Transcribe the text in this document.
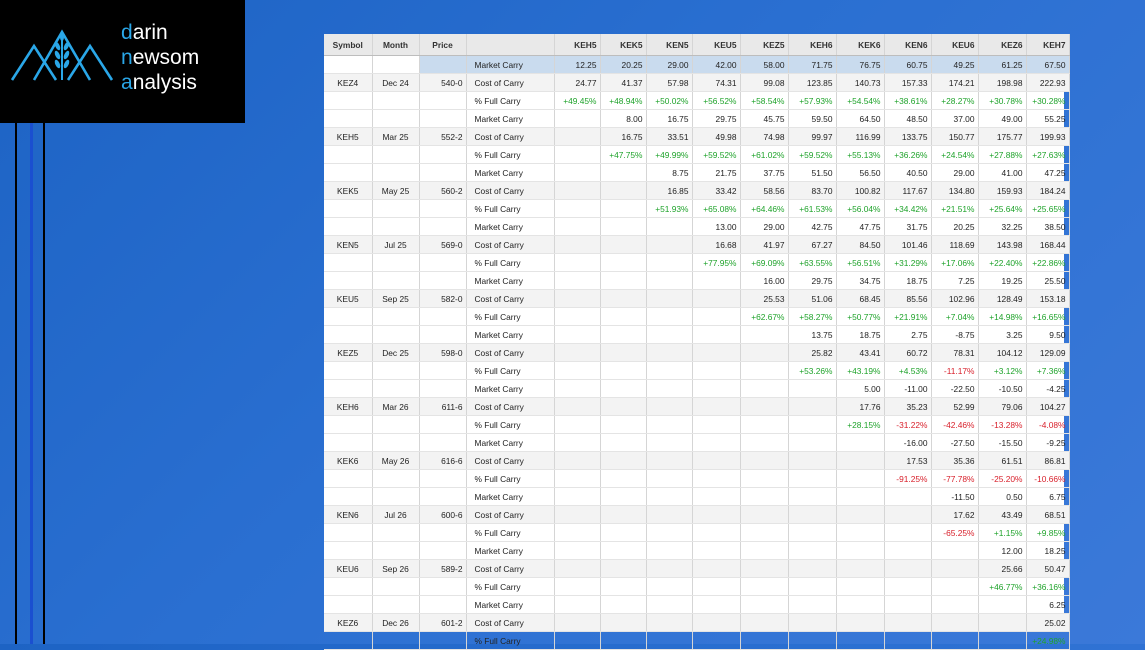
darin
newsom
analysis
Symbol	Month	Price		KEH5	KEK5	KEN5	KEU5	KEZ5	KEH6	KEK6	KEN6	KEU6	KEZ6	KEH7
			Market Carry	12.25	20.25	29.00	42.00	58.00	71.75	76.75	60.75	49.25	61.25	67.50
KEZ4	Dec 24	540-0	Cost of Carry	24.77	41.37	57.98	74.31	99.08	123.85	140.73	157.33	174.21	198.98	222.93
			% Full Carry	+49.45%	+48.94%	+50.02%	+56.52%	+58.54%	+57.93%	+54.54%	+38.61%	+28.27%	+30.78%	+30.28%
			Market Carry		8.00	16.75	29.75	45.75	59.50	64.50	48.50	37.00	49.00	55.25
KEH5	Mar 25	552-2	Cost of Carry		16.75	33.51	49.98	74.98	99.97	116.99	133.75	150.77	175.77	199.93
			% Full Carry		+47.75%	+49.99%	+59.52%	+61.02%	+59.52%	+55.13%	+36.26%	+24.54%	+27.88%	+27.63%
			Market Carry			8.75	21.75	37.75	51.50	56.50	40.50	29.00	41.00	47.25
KEK5	May 25	560-2	Cost of Carry			16.85	33.42	58.56	83.70	100.82	117.67	134.80	159.93	184.24
			% Full Carry			+51.93%	+65.08%	+64.46%	+61.53%	+56.04%	+34.42%	+21.51%	+25.64%	+25.65%
			Market Carry				13.00	29.00	42.75	47.75	31.75	20.25	32.25	38.50
KEN5	Jul 25	569-0	Cost of Carry				16.68	41.97	67.27	84.50	101.46	118.69	143.98	168.44
			% Full Carry				+77.95%	+69.09%	+63.55%	+56.51%	+31.29%	+17.06%	+22.40%	+22.86%
			Market Carry					16.00	29.75	34.75	18.75	7.25	19.25	25.50
KEU5	Sep 25	582-0	Cost of Carry					25.53	51.06	68.45	85.56	102.96	128.49	153.18
			% Full Carry					+62.67%	+58.27%	+50.77%	+21.91%	+7.04%	+14.98%	+16.65%
			Market Carry						13.75	18.75	2.75	-8.75	3.25	9.50
KEZ5	Dec 25	598-0	Cost of Carry						25.82	43.41	60.72	78.31	104.12	129.09
			% Full Carry						+53.26%	+43.19%	+4.53%	-11.17%	+3.12%	+7.36%
			Market Carry							5.00	-11.00	-22.50	-10.50	-4.25
KEH6	Mar 26	611-6	Cost of Carry							17.76	35.23	52.99	79.06	104.27
			% Full Carry							+28.15%	-31.22%	-42.46%	-13.28%	-4.08%
			Market Carry								-16.00	-27.50	-15.50	-9.25
KEK6	May 26	616-6	Cost of Carry								17.53	35.36	61.51	86.81
			% Full Carry								-91.25%	-77.78%	-25.20%	-10.66%
			Market Carry									-11.50	0.50	6.75
KEN6	Jul 26	600-6	Cost of Carry									17.62	43.49	68.51
			% Full Carry									-65.25%	+1.15%	+9.85%
			Market Carry										12.00	18.25
KEU6	Sep 26	589-2	Cost of Carry										25.66	50.47
			% Full Carry										+46.77%	+36.16%
			Market Carry											6.25
KEZ6	Dec 26	601-2	Cost of Carry											25.02
			% Full Carry											+24.98%
